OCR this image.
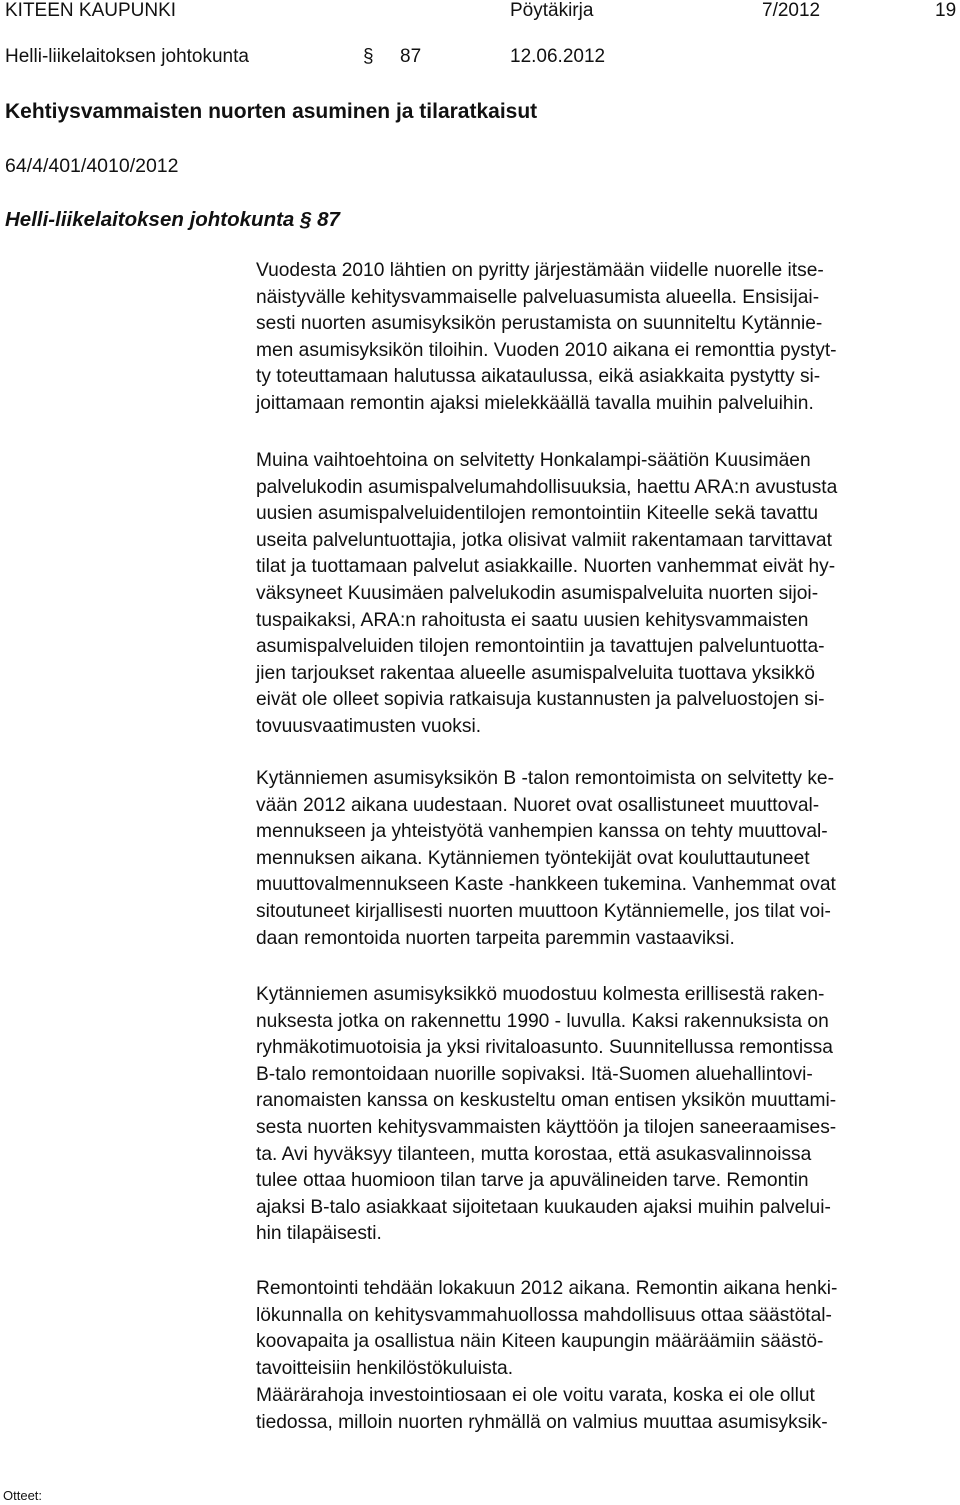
KITEEN KAUPUNKI	Pöytäkirja	7/2012	19
Helli-liikelaitoksen johtokunta	§ 87	12.06.2012
Kehtiysvammaisten nuorten asuminen ja tilaratkaisut
64/4/401/4010/2012
Helli-liikelaitoksen johtokunta § 87

Vuodesta 2010 lähtien on pyritty järjestämään viidelle nuorelle itse-

näistyvälle kehitysvammaiselle palveluasumista alueella. Ensisijai-

sesti nuorten asumisyksikön perustamista on suunniteltu Kytännie-

men asumisyksikön tiloihin. Vuoden 2010 aikana ei remonttia pystyt-

ty toteuttamaan halutussa aikataulussa, eikä asiakkaita pystytty si-

joittamaan remontin ajaksi mielekkäällä tavalla muihin palveluihin.

Muina vaihtoehtoina on selvitetty Honkalampi-säätiön Kuusimäen

palvelukodin asumispalvelumahdollisuuksia, haettu ARA:n avustusta

uusien asumispalveluidentilojen remontointiin Kiteelle sekä tavattu

useita palveluntuottajia, jotka olisivat valmiit rakentamaan tarvittavat

tilat ja tuottamaan palvelut asiakkaille. Nuorten vanhemmat eivät hy-

väksyneet Kuusimäen palvelukodin asumispalveluita nuorten sijoi-

tuspaikaksi, ARA:n rahoitusta ei saatu uusien kehitysvammaisten

asumispalveluiden tilojen remontointiin ja tavattujen palveluntuotta-

jien tarjoukset rakentaa alueelle asumispalveluita tuottava yksikkö

eivät ole olleet sopivia ratkaisuja kustannusten ja palveluostojen si-

tovuusvaatimusten vuoksi.

Kytänniemen asumisyksikön B -talon remontoimista on selvitetty ke-

vään 2012 aikana uudestaan. Nuoret ovat osallistuneet muuttoval-

mennukseen ja yhteistyötä vanhempien kanssa on tehty muuttoval-

mennuksen aikana. Kytänniemen työntekijät ovat kouluttautuneet

muuttovalmennukseen Kaste -hankkeen tukemina. Vanhemmat ovat

sitoutuneet kirjallisesti nuorten muuttoon Kytänniemelle, jos tilat voi-

daan remontoida nuorten tarpeita paremmin vastaaviksi.

Kytänniemen asumisyksikkö muodostuu kolmesta erillisestä raken-

nuksesta jotka on rakennettu 1990 - luvulla. Kaksi rakennuksista on

ryhmäkotimuotoisia ja yksi rivitaloasunto. Suunnitellussa remontissa

B-talo remontoidaan nuorille sopivaksi. Itä-Suomen aluehallintovi-

ranomaisten kanssa on keskusteltu oman entisen yksikön muuttami-

sesta nuorten kehitysvammaisten käyttöön ja tilojen saneeraamises-

ta. Avi hyväksyy tilanteen, mutta korostaa, että asukasvalinnoissa

tulee ottaa huomioon tilan tarve ja apuvälineiden tarve. Remontin

ajaksi B-talo asiakkaat sijoitetaan kuukauden ajaksi muihin palvelui-

hin tilapäisesti.

Remontointi tehdään lokakuun 2012 aikana. Remontin aikana henki-

lökunnalla on kehitysvammahuollossa mahdollisuus ottaa säästötal-

koovapaita ja osallistua näin Kiteen kaupungin määräämiin säästö-

tavoitteisiin henkilöstökuluista.

Määrärahoja investointiosaan ei ole voitu varata, koska ei ole ollut

tiedossa, milloin nuorten ryhmällä on valmius muuttaa asumisyksik-

Otteet:
